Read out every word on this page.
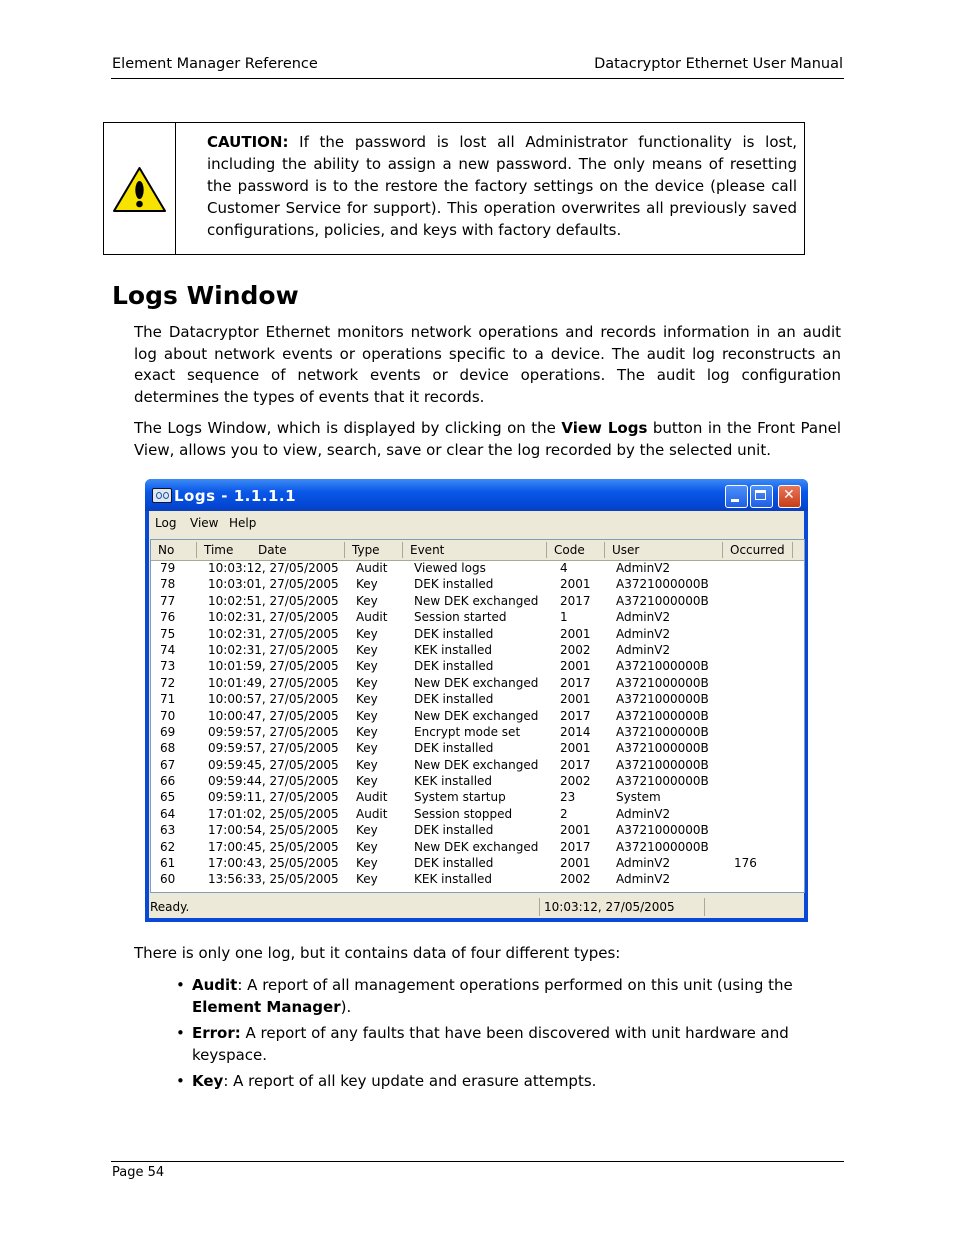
Element Manager Reference	Datacryptor Ethernet User Manual
CAUTION: If the password is lost all Administrator functionality is lost, including the ability to assign a new password. The only means of resetting the password is to the restore the factory settings on the device (please call Customer Service for support). This operation overwrites all previously saved configurations, policies, and keys with factory defaults.
Logs Window

The Datacryptor Ethernet monitors network operations and records information in an audit log about network events or operations specific to a device. The audit log reconstructs an exact sequence of network events or device operations. The audit log configuration determines the types of events that it records.

The Logs Window, which is displayed by clicking on the View Logs button in the Front Panel View, allows you to view, search, save or clear the log recorded by the selected unit.

Logs - 1.1.1.1
✕
Log View Help
No Time Date	Type	Event	Code User	Occurred
79	10:03:12, 27/05/2005 Audit Viewed logs	4	AdminV2
78	10:03:01, 27/05/2005 Key	DEK installed	2001 A3721000000B
77	10:02:51, 27/05/2005 Key	New DEK exchanged 2017 A3721000000B
76	10:02:31, 27/05/2005 Audit Session started	1	AdminV2
75	10:02:31, 27/05/2005 Key	DEK installed	2001 AdminV2
74	10:02:31, 27/05/2005 Key	KEK installed	2002 AdminV2
73	10:01:59, 27/05/2005 Key	DEK installed	2001 A3721000000B
72	10:01:49, 27/05/2005 Key	New DEK exchanged 2017 A3721000000B
71	10:00:57, 27/05/2005 Key	DEK installed	2001 A3721000000B
70	10:00:47, 27/05/2005 Key	New DEK exchanged 2017 A3721000000B
69	09:59:57, 27/05/2005 Key	Encrypt mode set	2014 A3721000000B
68	09:59:57, 27/05/2005 Key	DEK installed	2001 A3721000000B
67	09:59:45, 27/05/2005 Key	New DEK exchanged 2017 A3721000000B
66	09:59:44, 27/05/2005 Key	KEK installed	2002 A3721000000B
65	09:59:11, 27/05/2005 Audit System startup	23	System
64	17:01:02, 25/05/2005 Audit Session stopped	2	AdminV2
63	17:00:54, 25/05/2005 Key	DEK installed	2001 A3721000000B
62	17:00:45, 25/05/2005 Key	New DEK exchanged 2017 A3721000000B
61	17:00:43, 25/05/2005 Key	DEK installed	2001 AdminV2	176
60	13:56:33, 25/05/2005 Key	KEK installed	2002 AdminV2
Ready.	10:03:12, 27/05/2005

There is only one log, but it contains data of four different types:

• Audit: A report of all management operations performed on this unit (using the Element Manager).
• Error: A report of any faults that have been discovered with unit hardware and keyspace.
• Key: A report of all key update and erasure attempts.
Page 54
